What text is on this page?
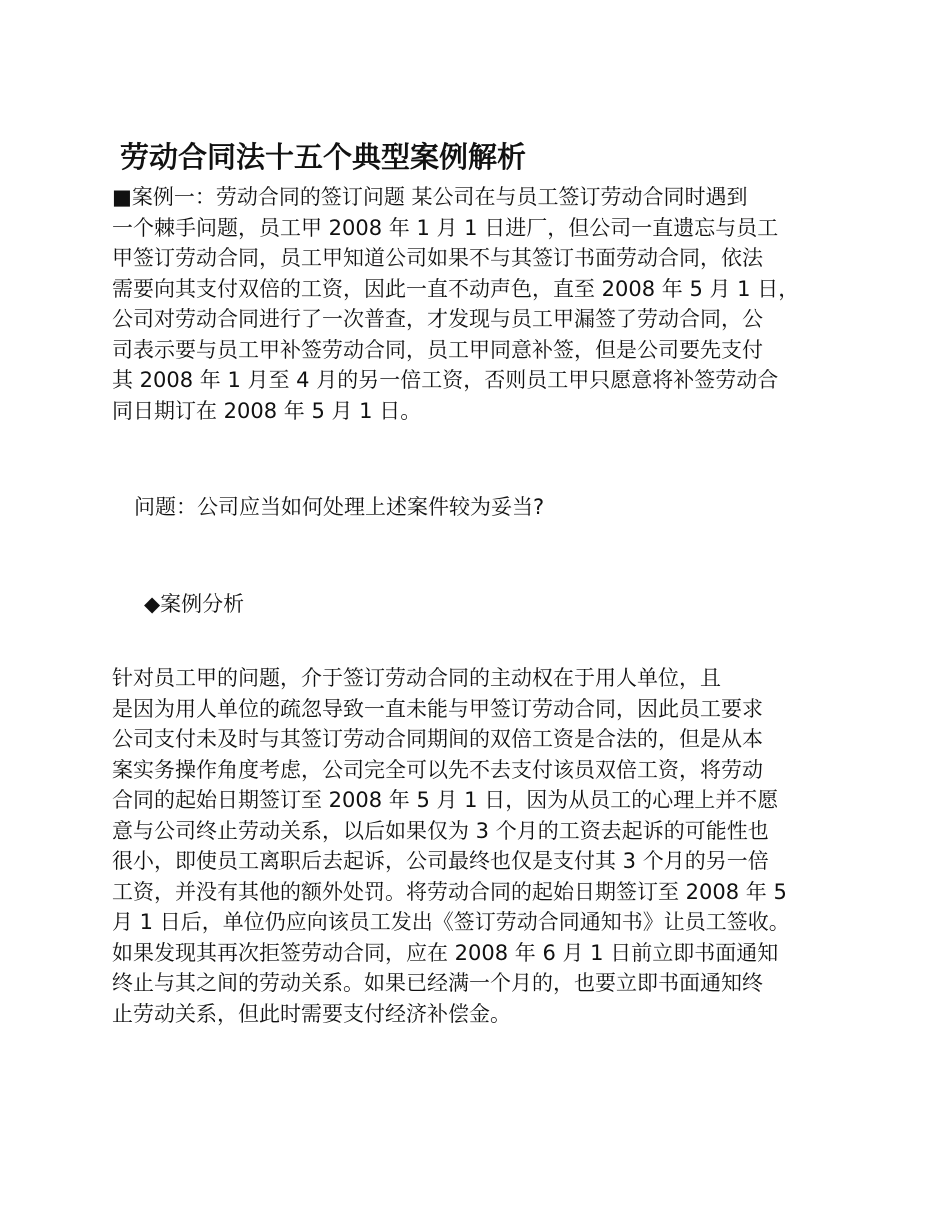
劳动合同法十五个典型案例解析
■案例一：劳动合同的签订问题 某公司在与员工签订劳动合同时遇到
一个棘手问题，员工甲 2008 年 1 月 1 日进厂，但公司一直遗忘与员工
甲签订劳动合同，员工甲知道公司如果不与其签订书面劳动合同，依法
需要向其支付双倍的工资，因此一直不动声色，直至 2008 年 5 月 1 日，
公司对劳动合同进行了一次普查，才发现与员工甲漏签了劳动合同，公
司表示要与员工甲补签劳动合同，员工甲同意补签，但是公司要先支付
其 2008 年 1 月至 4 月的另一倍工资，否则员工甲只愿意将补签劳动合
同日期订在 2008 年 5 月 1 日。

问题：公司应当如何处理上述案件较为妥当?

◆案例分析

针对员工甲的问题，介于签订劳动合同的主动权在于用人单位，且
是因为用人单位的疏忽导致一直未能与甲签订劳动合同，因此员工要求
公司支付未及时与其签订劳动合同期间的双倍工资是合法的，但是从本
案实务操作角度考虑，公司完全可以先不去支付该员双倍工资，将劳动
合同的起始日期签订至 2008 年 5 月 1 日，因为从员工的心理上并不愿
意与公司终止劳动关系，以后如果仅为 3 个月的工资去起诉的可能性也
很小，即使员工离职后去起诉，公司最终也仅是支付其 3 个月的另一倍
工资，并没有其他的额外处罚。将劳动合同的起始日期签订至 2008 年 5
月 1 日后，单位仍应向该员工发出《签订劳动合同通知书》让员工签收。
如果发现其再次拒签劳动合同，应在 2008 年 6 月 1 日前立即书面通知
终止与其之间的劳动关系。如果已经满一个月的，也要立即书面通知终
止劳动关系，但此时需要支付经济补偿金。
